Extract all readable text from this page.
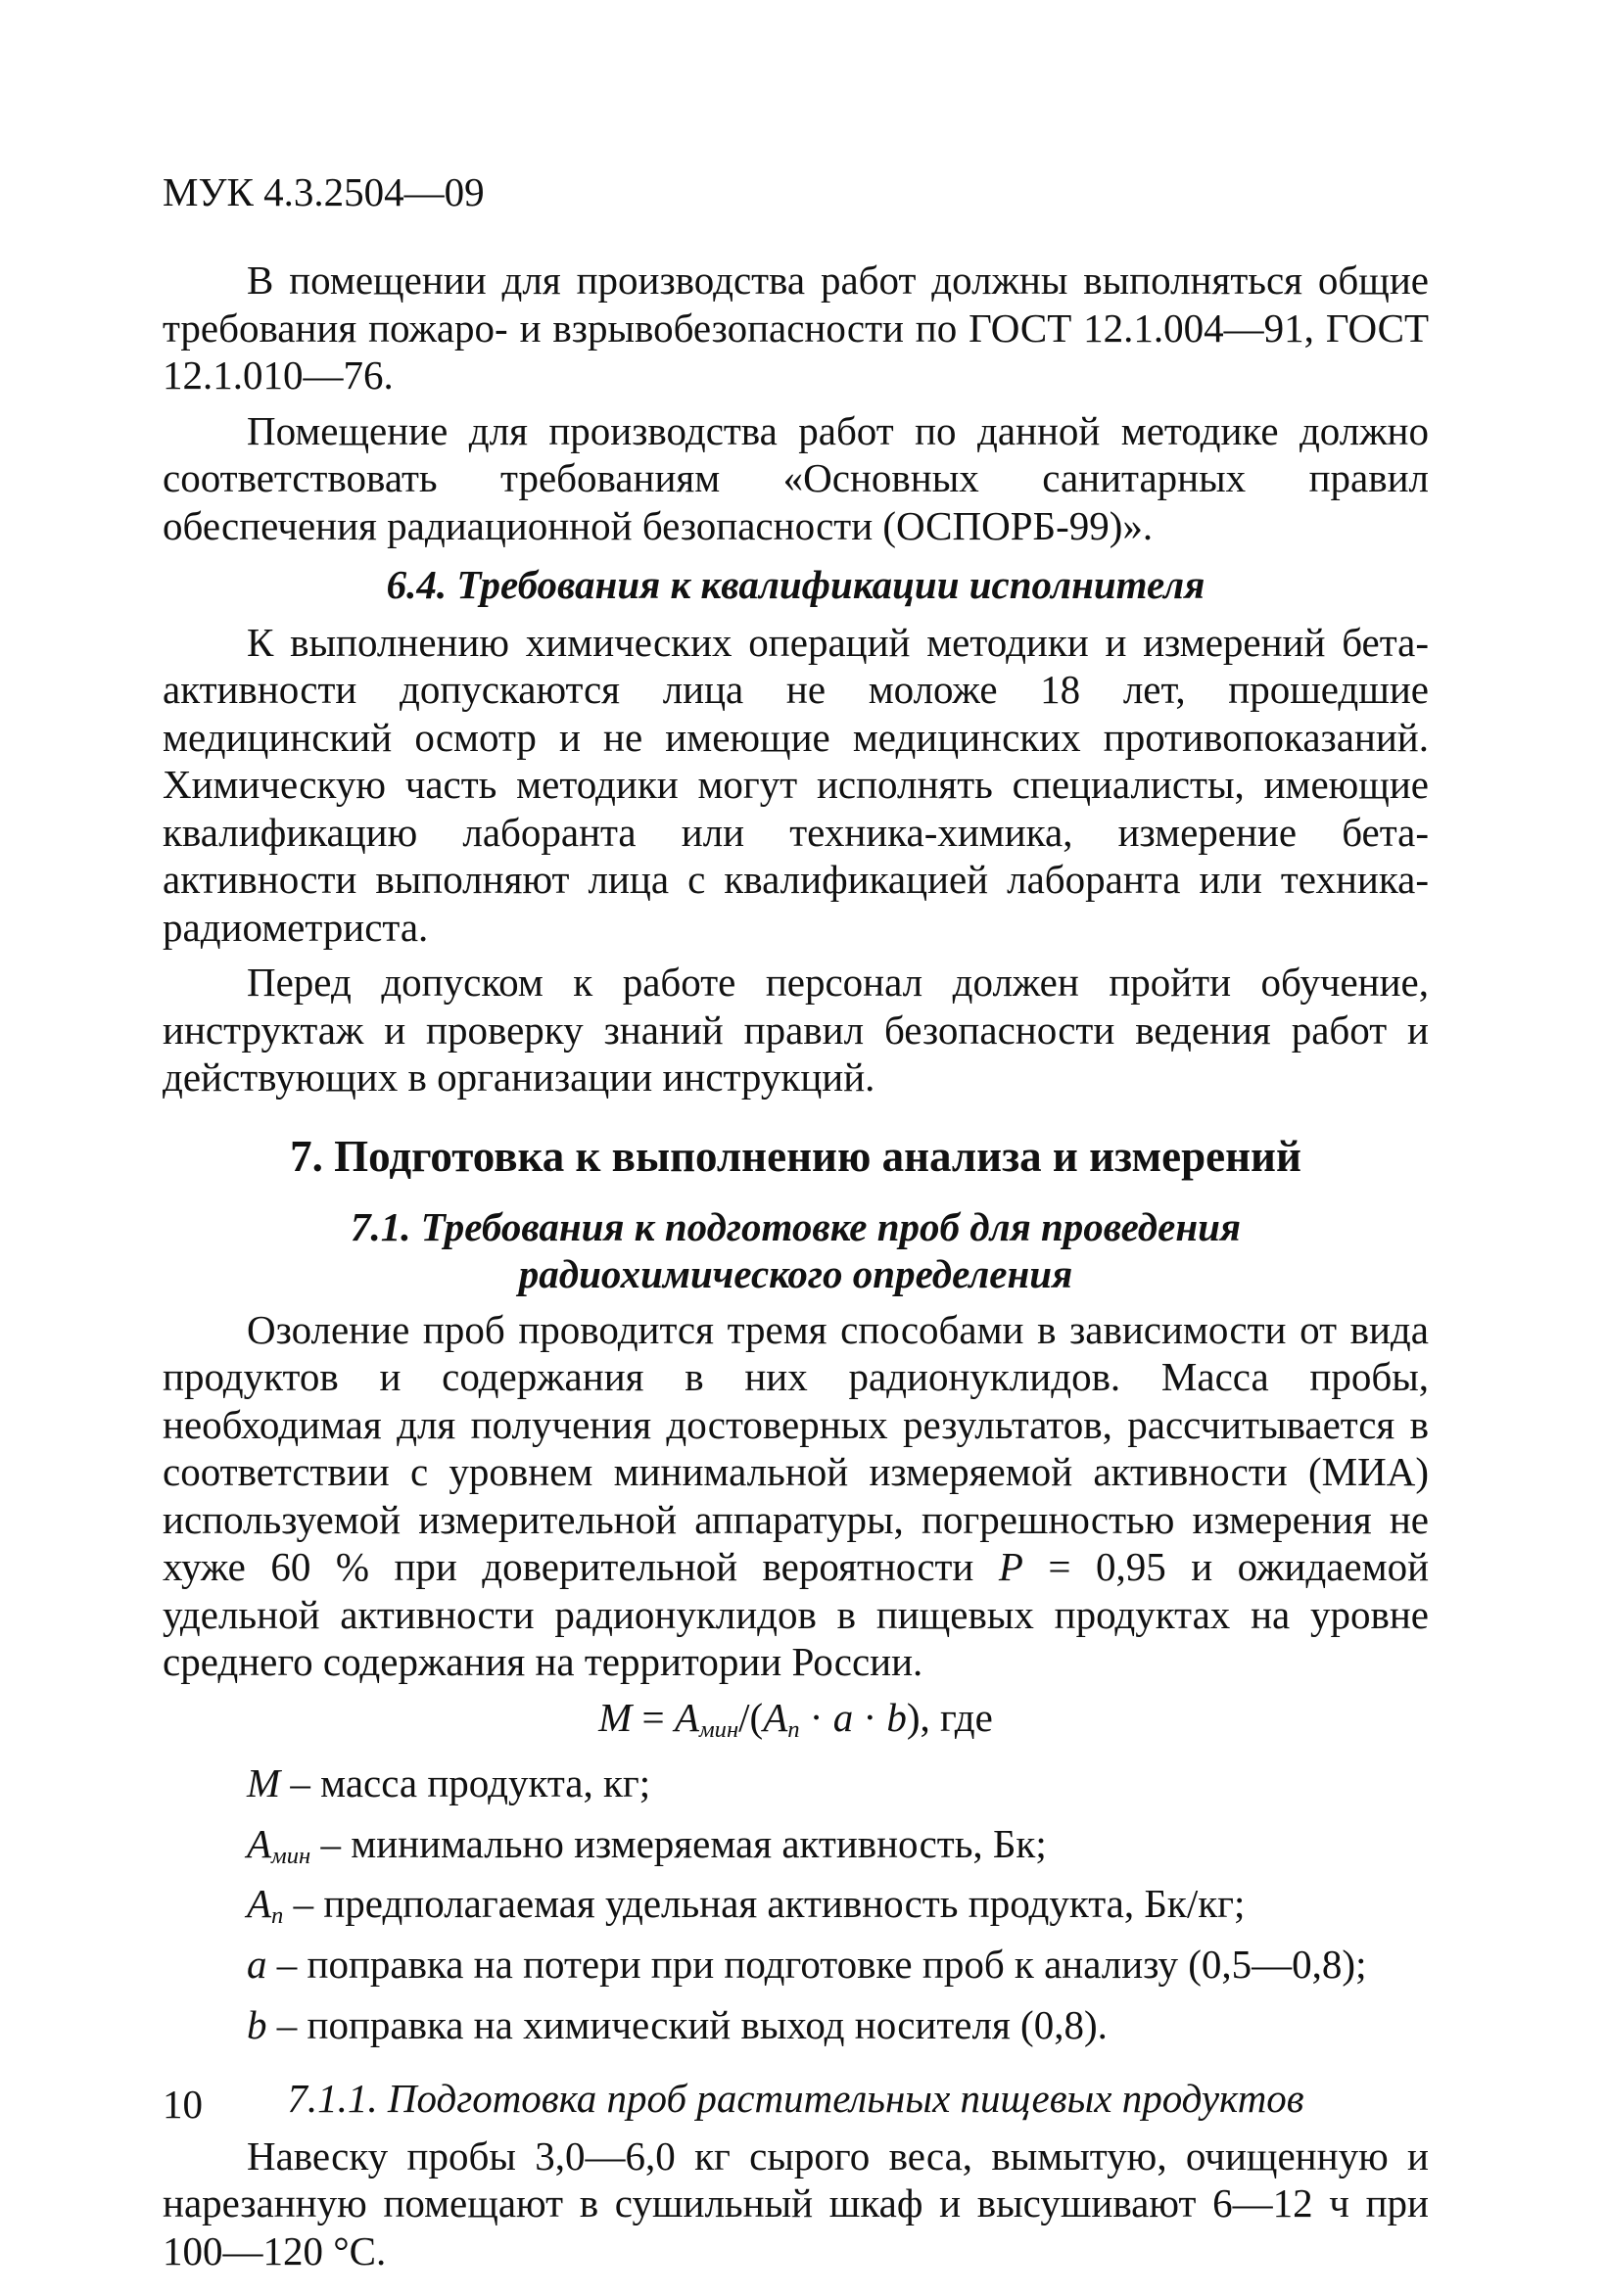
МУК 4.3.2504—09

В помещении для производства работ должны выполняться общие требования пожаро- и взрывобезопасности по ГОСТ 12.1.004—91, ГОСТ 12.1.010—76.

Помещение для производства работ по данной методике должно соответствовать требованиям «Основных санитарных правил обеспечения радиационной безопасности (ОСПОРБ-99)».

6.4. Требования к квалификации исполнителя

К выполнению химических операций методики и измерений бета-активности допускаются лица не моложе 18 лет, прошедшие медицинский осмотр и не имеющие медицинских противопоказаний. Химическую часть методики могут исполнять специалисты, имеющие квалификацию лаборанта или техника-химика, измерение бета-активности выполняют лица с квалификацией лаборанта или техника-радиометриста.

Перед допуском к работе персонал должен пройти обучение, инструктаж и проверку знаний правил безопасности ведения работ и действующих в организации инструкций.

7. Подготовка к выполнению анализа и измерений
7.1. Требования к подготовке проб для проведения
радиохимического определения

Озоление проб проводится тремя способами в зависимости от вида продуктов и содержания в них радионуклидов. Масса пробы, необходимая для получения достоверных результатов, рассчитывается в соответствии с уровнем минимальной измеряемой активности (МИА) используемой измерительной аппаратуры, погрешностью измерения не хуже 60 % при доверительной вероятности P = 0,95 и ожидаемой удельной активности радионуклидов в пищевых продуктах на уровне среднего содержания на территории России.

$M = A_{мин}/(A_п \cdot a \cdot b)$, где

M – масса продукта, кг;

$A_{мин}$ – минимально измеряемая активность, Бк;

$A_п$ – предполагаемая удельная активность продукта, Бк/кг;

a – поправка на потери при подготовке проб к анализу (0,5—0,8);

b – поправка на химический выход носителя (0,8).

7.1.1. Подготовка проб растительных пищевых продуктов

Навеску пробы 3,0—6,0 кг сырого веса, вымытую, очищенную и нарезанную помещают в сушильный шкаф и высушивают 6—12 ч при 100—120 °С.

10
